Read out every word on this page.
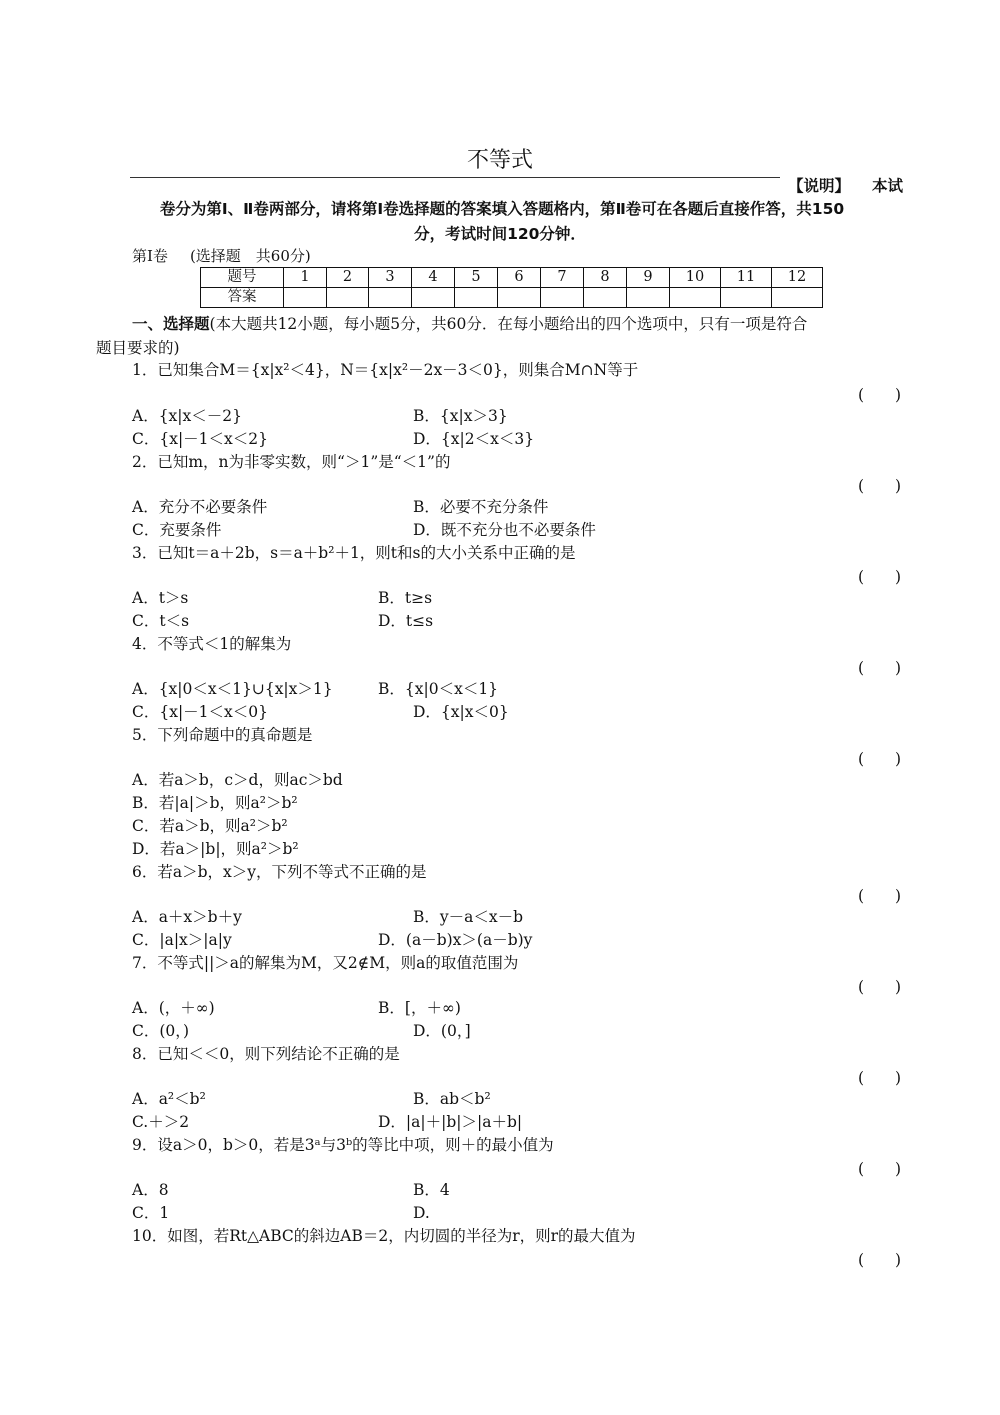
不等式
【说明】 本试
卷分为第Ⅰ、Ⅱ卷两部分，请将第Ⅰ卷选择题的答案填入答题格内，第Ⅱ卷可在各题后直接作答，共150
分，考试时间120分钟．
第Ⅰ卷 (选择题　共60分)
题号	1	2	3	4	5	6	7	8	9	10	11	12
答案												
一、选择题(本大题共12小题，每小题5分，共60分．在每小题给出的四个选项中，只有一项是符合
题目要求的)
1．已知集合M＝{x|x²＜4}，N＝{x|x²－2x－3＜0}，则集合M∩N等于
(　　)
A．{x|x＜－2}	B．{x|x＞3}
C．{x|－1＜x＜2}	D．{x|2＜x＜3}
2．已知m，n为非零实数，则“＞1”是“＜1”的
(　　)
A．充分不必要条件	B．必要不充分条件
C．充要条件	D．既不充分也不必要条件
3．已知t＝a＋2b，s＝a＋b²＋1，则t和s的大小关系中正确的是
(　　)
A．t＞s	B．t≥s
C．t＜s	D．t≤s
4．不等式＜1的解集为
(　　)
A．{x|0＜x＜1}∪{x|x＞1}	B．{x|0＜x＜1}
C．{x|－1＜x＜0}	D．{x|x＜0}
5．下列命题中的真命题是
(　　)
A．若a＞b，c＞d，则ac＞bd
B．若|a|＞b，则a²＞b²
C．若a＞b，则a²＞b²
D．若a＞|b|，则a²＞b²
6．若a＞b，x＞y，下列不等式不正确的是
(　　)
A．a＋x＞b＋y	B．y－a＜x－b
C．|a|x＞|a|y	D．(a－b)x＞(a－b)y
7．不等式||＞a的解集为M，又2∉M，则a的取值范围为
(　　)
A．(，＋∞)	B．[，＋∞)
C．(0，)	D．(0，]
8．已知＜＜0，则下列结论不正确的是
(　　)
A．a²＜b²	B．ab＜b²
C.＋＞2	D．|a|＋|b|＞|a＋b|
9．设a＞0，b＞0，若是3ᵃ与3ᵇ的等比中项，则＋的最小值为
(　　)
A．8	B．4
C．1	D.
10．如图，若Rt△ABC的斜边AB＝2，内切圆的半径为r，则r的最大值为
(　　)
